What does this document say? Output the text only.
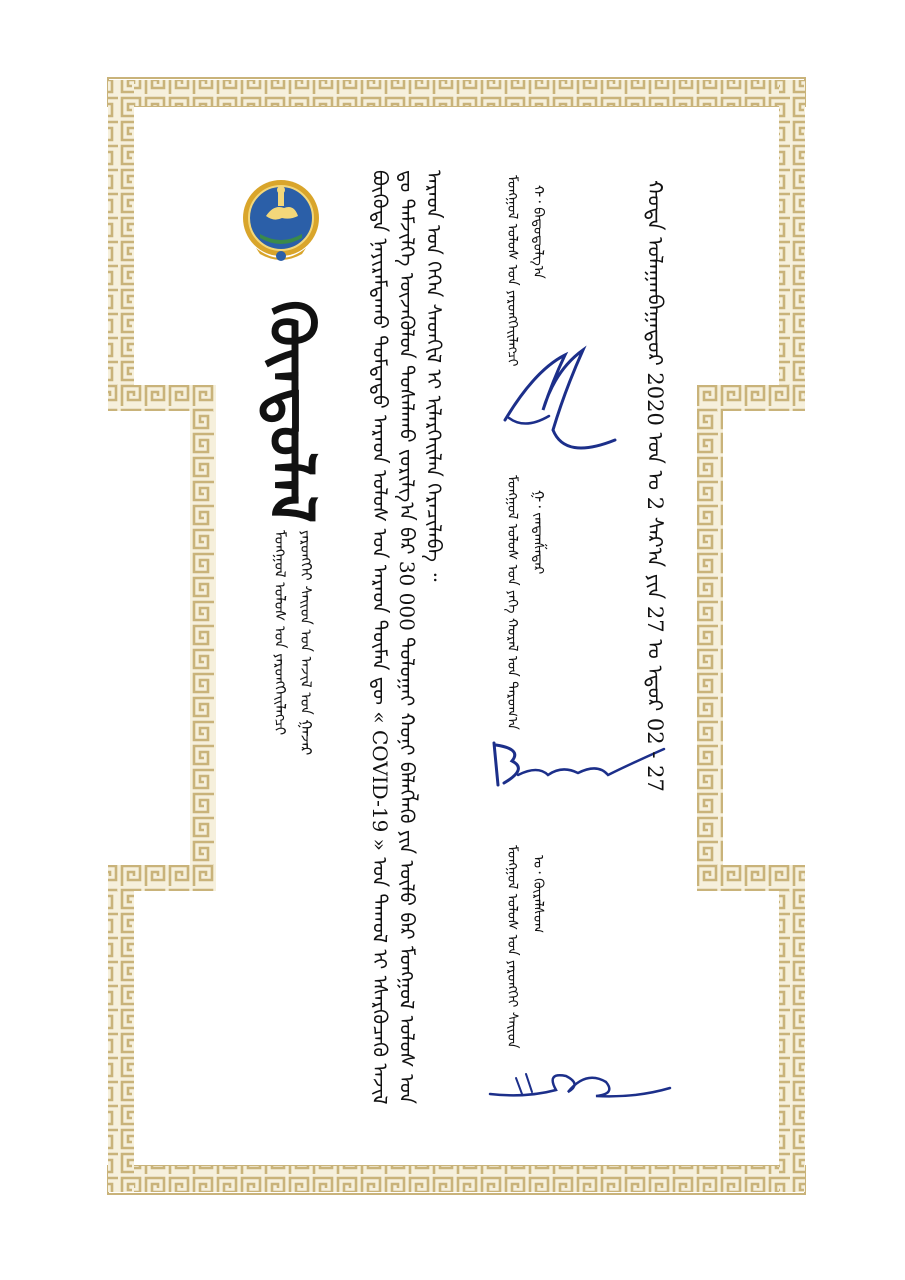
ᠬᠦᠨᠳᠦᠯᠡᠯ
ᠮᠣᠩᠭᠣᠯ ᠤᠯᠤᠰ ᠤᠨ ᠶᠡᠷᠦᠩᠬᠡᠢᠯᠡᠭᠴᠢ ᠶᠡᠷᠦᠩᠬᠡᠢ ᠰᠠᠢᠳ ᠤᠨ ᠠᠵᠢᠯ ᠤᠨ ᠭᠠᠵᠠᠷ	ᠪᠦᠭᠦᠳᠡ ᠨᠠᠶᠢᠷᠠᠮᠳᠠᠬᠤ ᠳᠤᠮᠳᠠᠳᠤ ᠠᠷᠠᠳ ᠤᠯᠤᠰ ᠤᠨ ᠠᠷᠠᠳ ᠲᠦᠮᠡᠨ ᠳᠦ « COVID-19 » ᠤᠨ ᠲᠠᠬᠤᠯ ᠢ ᠡᠰᠡᠷᠭᠦᠴᠡᠬᠦ ᠠᠵᠢᠯ ᠳᠤ ᠳᠡᠮᠵᠢᠯᠭᠡ ᠦᠵᠡᠭᠦᠯᠦᠨ ᠲᠤᠰᠠᠯᠠᠬᠤ ᠵᠣᠷᠢᠯᠭ᠎ᠠ ᠪᠠᠷ 30 000 ᠲᠣᠯᠣᠭᠠᠢ ᠬᠣᠨᠢ ᠪᠡᠯᠡᠭᠯᠡᠬᠦ ᠶᠢᠨ ᠦᠯᠦ ᠪᠡᠷ ᠮᠣᠩᠭᠣᠯ ᠤᠯᠤᠰ ᠤᠨ ᠠᠷᠠᠳ ᠤᠨ ᠭᠡᠭᠡᠨ ᠰᠡᠳᠬᠢᠯ ᠢ ᠢᠯᠡᠷᠭᠡᠢᠯᠡᠨ ᠭᠡᠷᠡᠴᠢᠯᠡᠪᠡ ᠃	ᠮᠣᠩᠭᠣᠯ ᠤᠯᠤᠰ ᠤᠨ ᠶᠡᠷᠦᠩᠬᠡᠢᠯᠡᠭᠴᠢ ᠬ᠂ ᠪᠠᠲᠤᠲᠣᠯᠭ᠎ᠠ
ᠮᠣᠩᠭᠣᠯ ᠤᠯᠤᠰ ᠤᠨ ᠶᠡᠬᠡ ᠬᠤᠷᠠᠯ ᠤᠨ ᠳᠠᠷᠤᠭ᠎ᠠ ᠭ᠂ ᠵᠠᠨᠳᠠᠨᠱᠠᠲᠠᠷ
ᠮᠣᠩᠭᠣᠯ ᠤᠯᠤᠰ ᠤᠨ ᠶᠡᠷᠦᠩᠬᠡᠢ ᠰᠠᠢᠳ ᠤ᠂ ᠬᠦᠷᠡᠯᠰᠦᠬ
ᠬᠣᠲᠠ ᠤᠯᠠᠭᠠᠨᠪᠠᠭᠠᠲᠤᠷ 2020 ᠣᠨ ᠤ 2 ᠰᠠᠷ᠎ᠠ ᠶᠢᠨ 27 ᠤ ᠡᠳᠦᠷ 02 - 27
